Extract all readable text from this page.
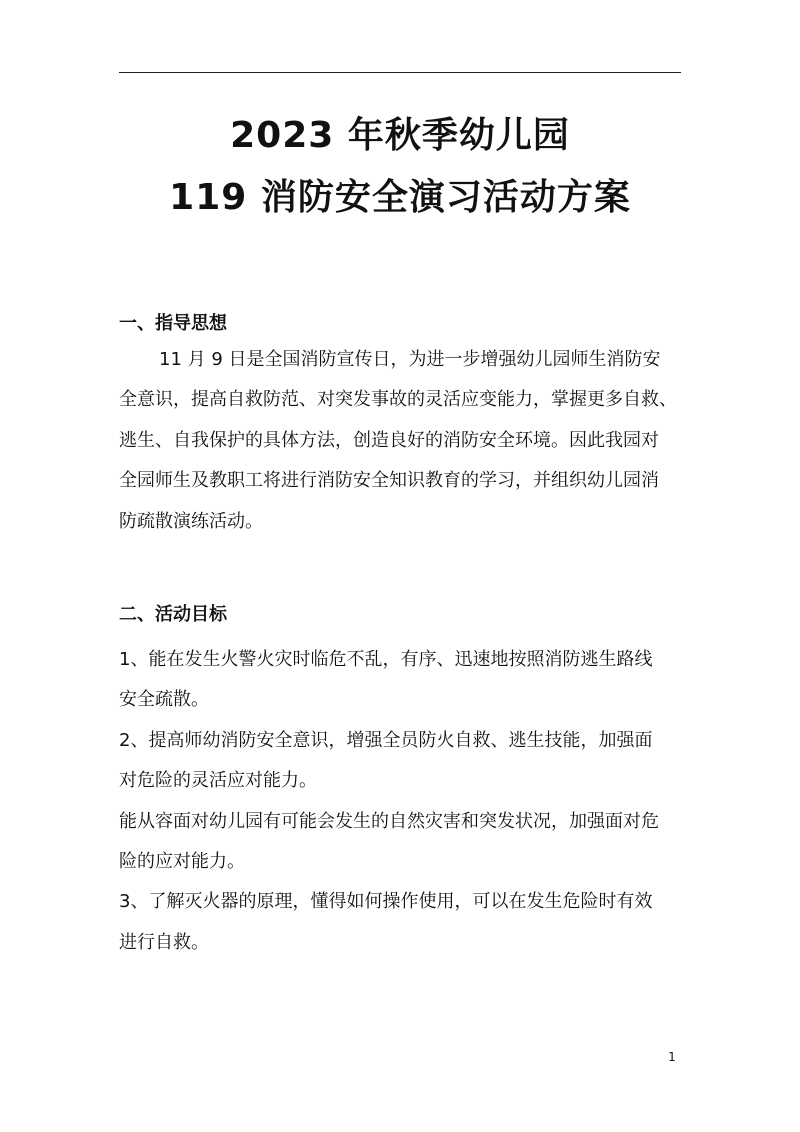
2023 年秋季幼儿园
119 消防安全演习活动方案
一、指导思想
11 月 9 日是全国消防宣传日，为进一步增强幼儿园师生消防安
全意识，提高自救防范、对突发事故的灵活应变能力，掌握更多自救、
逃生、自我保护的具体方法，创造良好的消防安全环境。因此我园对
全园师生及教职工将进行消防安全知识教育的学习，并组织幼儿园消
防疏散演练活动。
二、活动目标
1、能在发生火警火灾时临危不乱，有序、迅速地按照消防逃生路线
安全疏散。
2、提高师幼消防安全意识，增强全员防火自救、逃生技能，加强面
对危险的灵活应对能力。
能从容面对幼儿园有可能会发生的自然灾害和突发状况，加强面对危
险的应对能力。
3、了解灭火器的原理，懂得如何操作使用，可以在发生危险时有效
进行自救。
1
